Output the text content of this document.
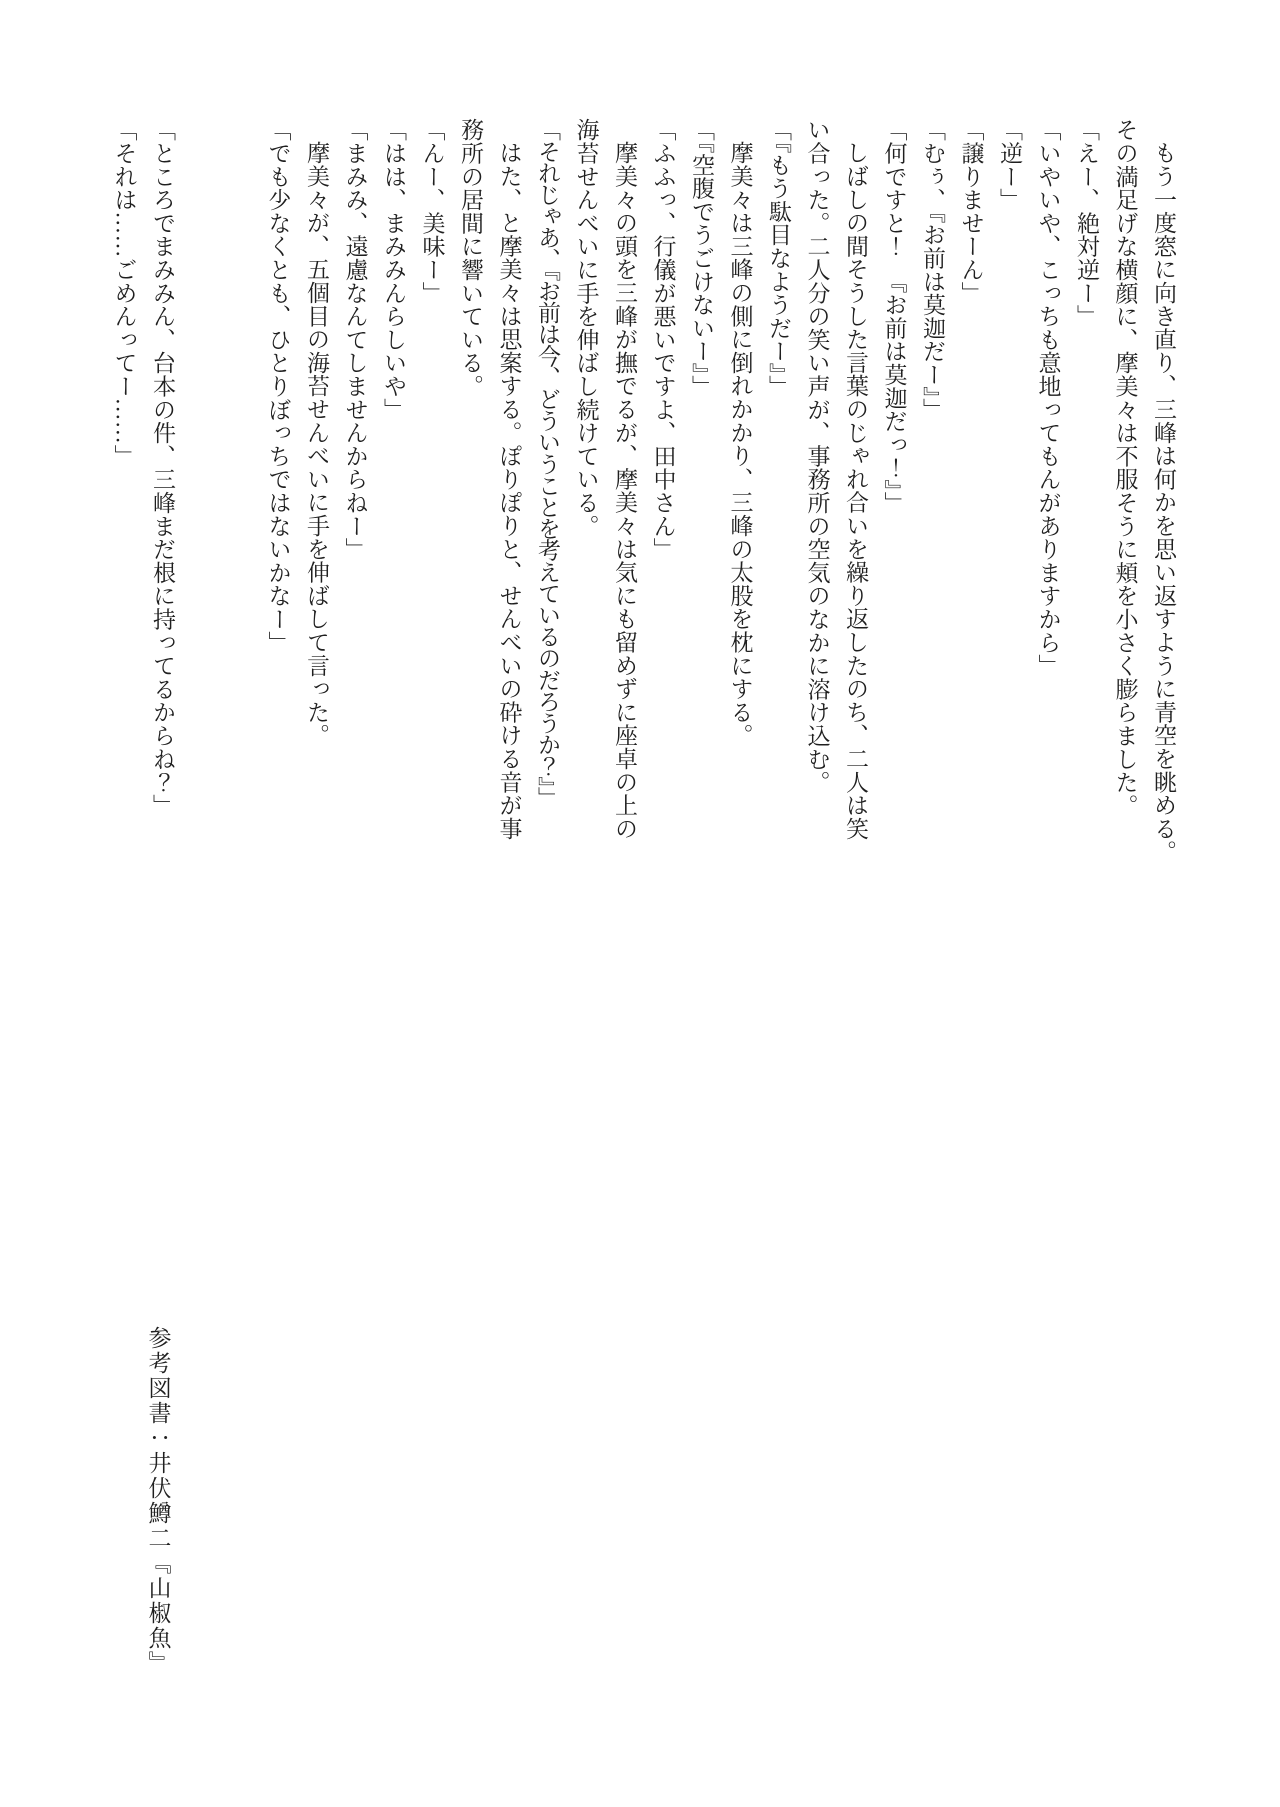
もう一度窓に向き直り、三峰は何かを思い返すように青空を眺める。

その満足げな横顔に、摩美々は不服そうに頬を小さく膨らました。

「えー、絶対逆ー」

「いやいや、こっちも意地ってもんがありますから」

「逆ー」

「譲りませーん」

「むぅ、『お前は莫迦だー』」

「何ですと！　『お前は莫迦だっ！』」

しばしの間そうした言葉のじゃれ合いを繰り返したのち、二人は笑

い合った。二人分の笑い声が、事務所の空気のなかに溶け込む。

「『もう駄目なようだー』」

摩美々は三峰の側に倒れかかり、三峰の太股を枕にする。

「『空腹でうごけないー』」

「ふふっ、行儀が悪いですよ、田中さん」

摩美々の頭を三峰が撫でるが、摩美々は気にも留めずに座卓の上の

海苔せんべいに手を伸ばし続けている。

「それじゃあ、『お前は今、どういうことを考えているのだろうか？』」

はた、と摩美々は思案する。ぽりぽりと、せんべいの砕ける音が事

務所の居間に響いている。

「んー、美味ー」

「はは、まみみんらしいや」

「まみみ、遠慮なんてしませんからねー」

摩美々が、五個目の海苔せんべいに手を伸ばして言った。

「でも少なくとも、ひとりぼっちではないかなー」

「ところでまみみん、台本の件、三峰まだ根に持ってるからね？」

「それは……ごめんってー……」

参考図書：井伏鱒二『山椒魚』
